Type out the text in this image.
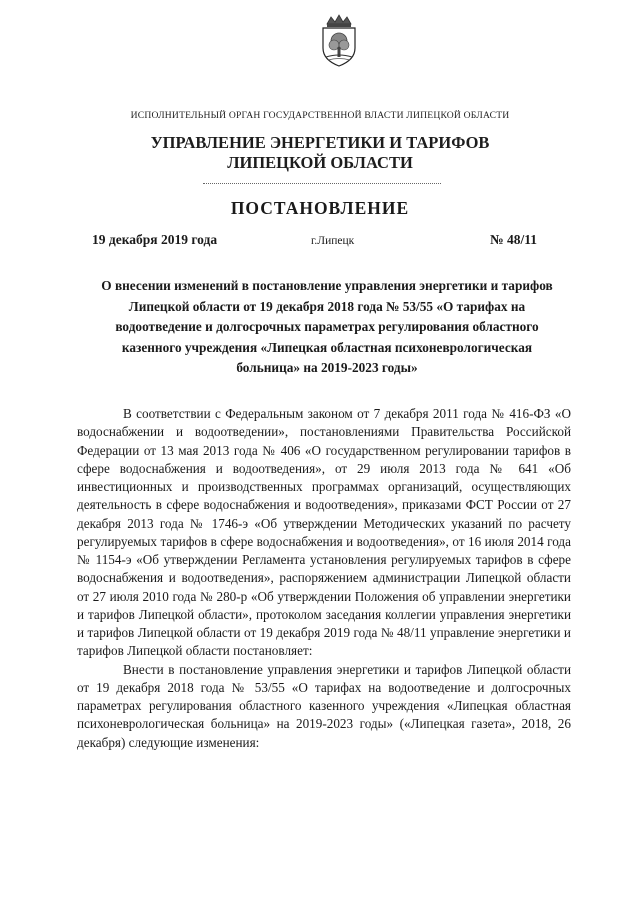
ИСПОЛНИТЕЛЬНЫЙ ОРГАН ГОСУДАРСТВЕННОЙ ВЛАСТИ ЛИПЕЦКОЙ ОБЛАСТИ
УПРАВЛЕНИЕ ЭНЕРГЕТИКИ И ТАРИФОВ
ЛИПЕЦКОЙ ОБЛАСТИ
ПОСТАНОВЛЕНИЕ
19 декабря 2019 года	г.Липецк	№ 48/11
О внесении изменений в постановление управления энергетики и тарифов Липецкой области от 19 декабря 2018 года № 53/55 «О тарифах на водоотведение и долгосрочных параметрах регулирования областного казенного учреждения «Липецкая областная психоневрологическая больница» на 2019-2023 годы»

В соответствии с Федеральным законом от 7 декабря 2011 года № 416-ФЗ «О водоснабжении и водоотведении», постановлениями Правительства Российской Федерации от 13 мая 2013 года № 406 «О государственном регулировании тарифов в сфере водоснабжения и водоотведения», от 29 июля 2013 года № 641 «Об инвестиционных и производственных программах организаций, осуществляющих деятельность в сфере водоснабжения и водоотведения», приказами ФСТ России от 27 декабря 2013 года № 1746-э «Об утверждении Методических указаний по расчету регулируемых тарифов в сфере водоснабжения и водоотведения», от 16 июля 2014 года № 1154-э «Об утверждении Регламента установления регулируемых тарифов в сфере водоснабжения и водоотведения», распоряжением администрации Липецкой области от 27 июля 2010 года № 280-р «Об утверждении Положения об управлении энергетики и тарифов Липецкой области», протоколом заседания коллегии управления энергетики и тарифов Липецкой области от 19 декабря 2019 года № 48/11 управление энергетики и тарифов Липецкой области постановляет:

Внести в постановление управления энергетики и тарифов Липецкой области от 19 декабря 2018 года № 53/55 «О тарифах на водоотведение и долгосрочных параметрах регулирования областного казенного учреждения «Липецкая областная психоневрологическая больница» на 2019-2023 годы» («Липецкая газета», 2018, 26 декабря) следующие изменения:
